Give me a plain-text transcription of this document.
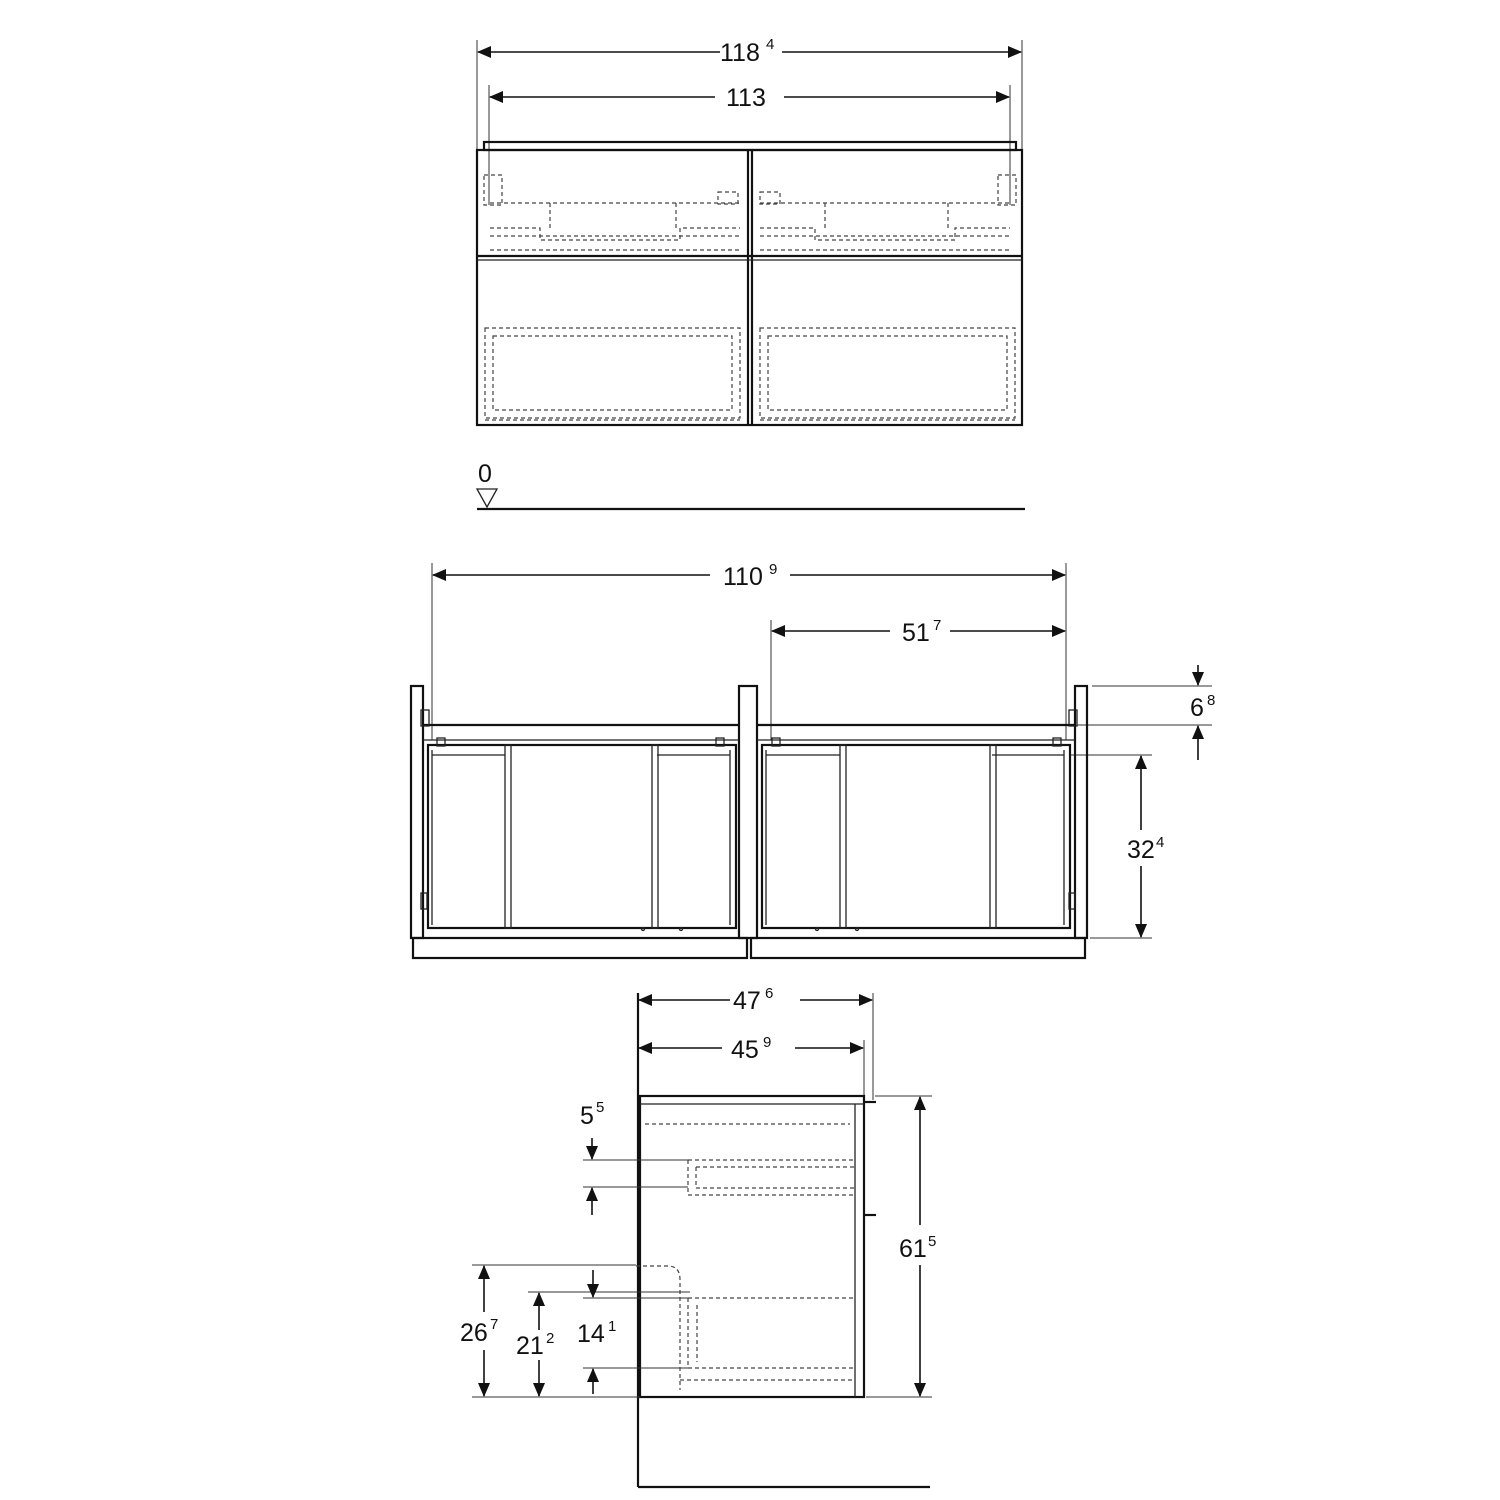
118 4
113
0
110 9
51 7
6 8
32 4
47 6
45 9
61 5
5 5
26 7
21 2 14 1
